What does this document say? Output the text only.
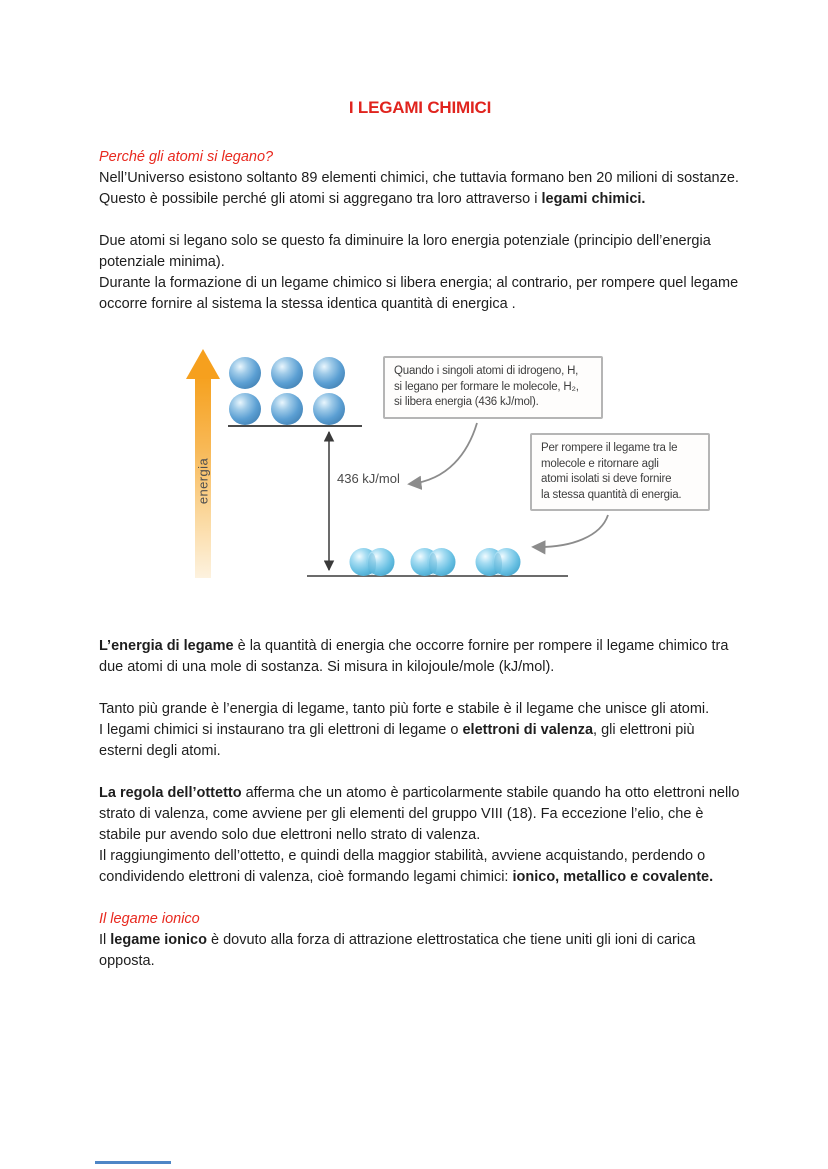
I LEGAMI CHIMICI

Perché gli atomi si legano?

Nell’Universo esistono soltanto 89 elementi chimici, che tuttavia formano ben 20 milioni di sostanze. Questo è possibile perché gli atomi si aggregano tra loro attraverso i legami chimici.

Due atomi si legano solo se questo fa diminuire la loro energia potenziale (principio dell’energia potenziale minima).

Durante la formazione di un legame chimico si libera energia; al contrario, per rompere quel legame occorre fornire al sistema la stessa identica quantità di energica .

energia	436 kJ/mol
Quando i singoli atomi di idrogeno, H,
si legano per formare le molecole, H₂,
si libera energia (436 kJ/mol).
Per rompere il legame tra le
molecole e ritornare agli
atomi isolati si deve fornire
la stessa quantità di energia.

L’energia di legame è la quantità di energia che occorre fornire per rompere il legame chimico tra due atomi di una mole di sostanza. Si misura in kilojoule/mole (kJ/mol).

Tanto più grande è l’energia di legame, tanto più forte e stabile è il legame che unisce gli atomi.

I legami chimici si instaurano tra gli elettroni di legame o elettroni di valenza, gli elettroni più esterni degli atomi.

La regola dell’ottetto afferma che un atomo è particolarmente stabile quando ha otto elettroni nello strato di valenza, come avviene per gli elementi del gruppo VIII (18). Fa eccezione l’elio, che è stabile pur avendo solo due elettroni nello strato di valenza.

Il raggiungimento dell’ottetto, e quindi della maggior stabilità, avviene acquistando, perdendo o condividendo elettroni di valenza, cioè formando legami chimici: ionico, metallico e covalente.

Il legame ionico

Il legame ionico è dovuto alla forza di attrazione elettrostatica che tiene uniti gli ioni di carica opposta.
